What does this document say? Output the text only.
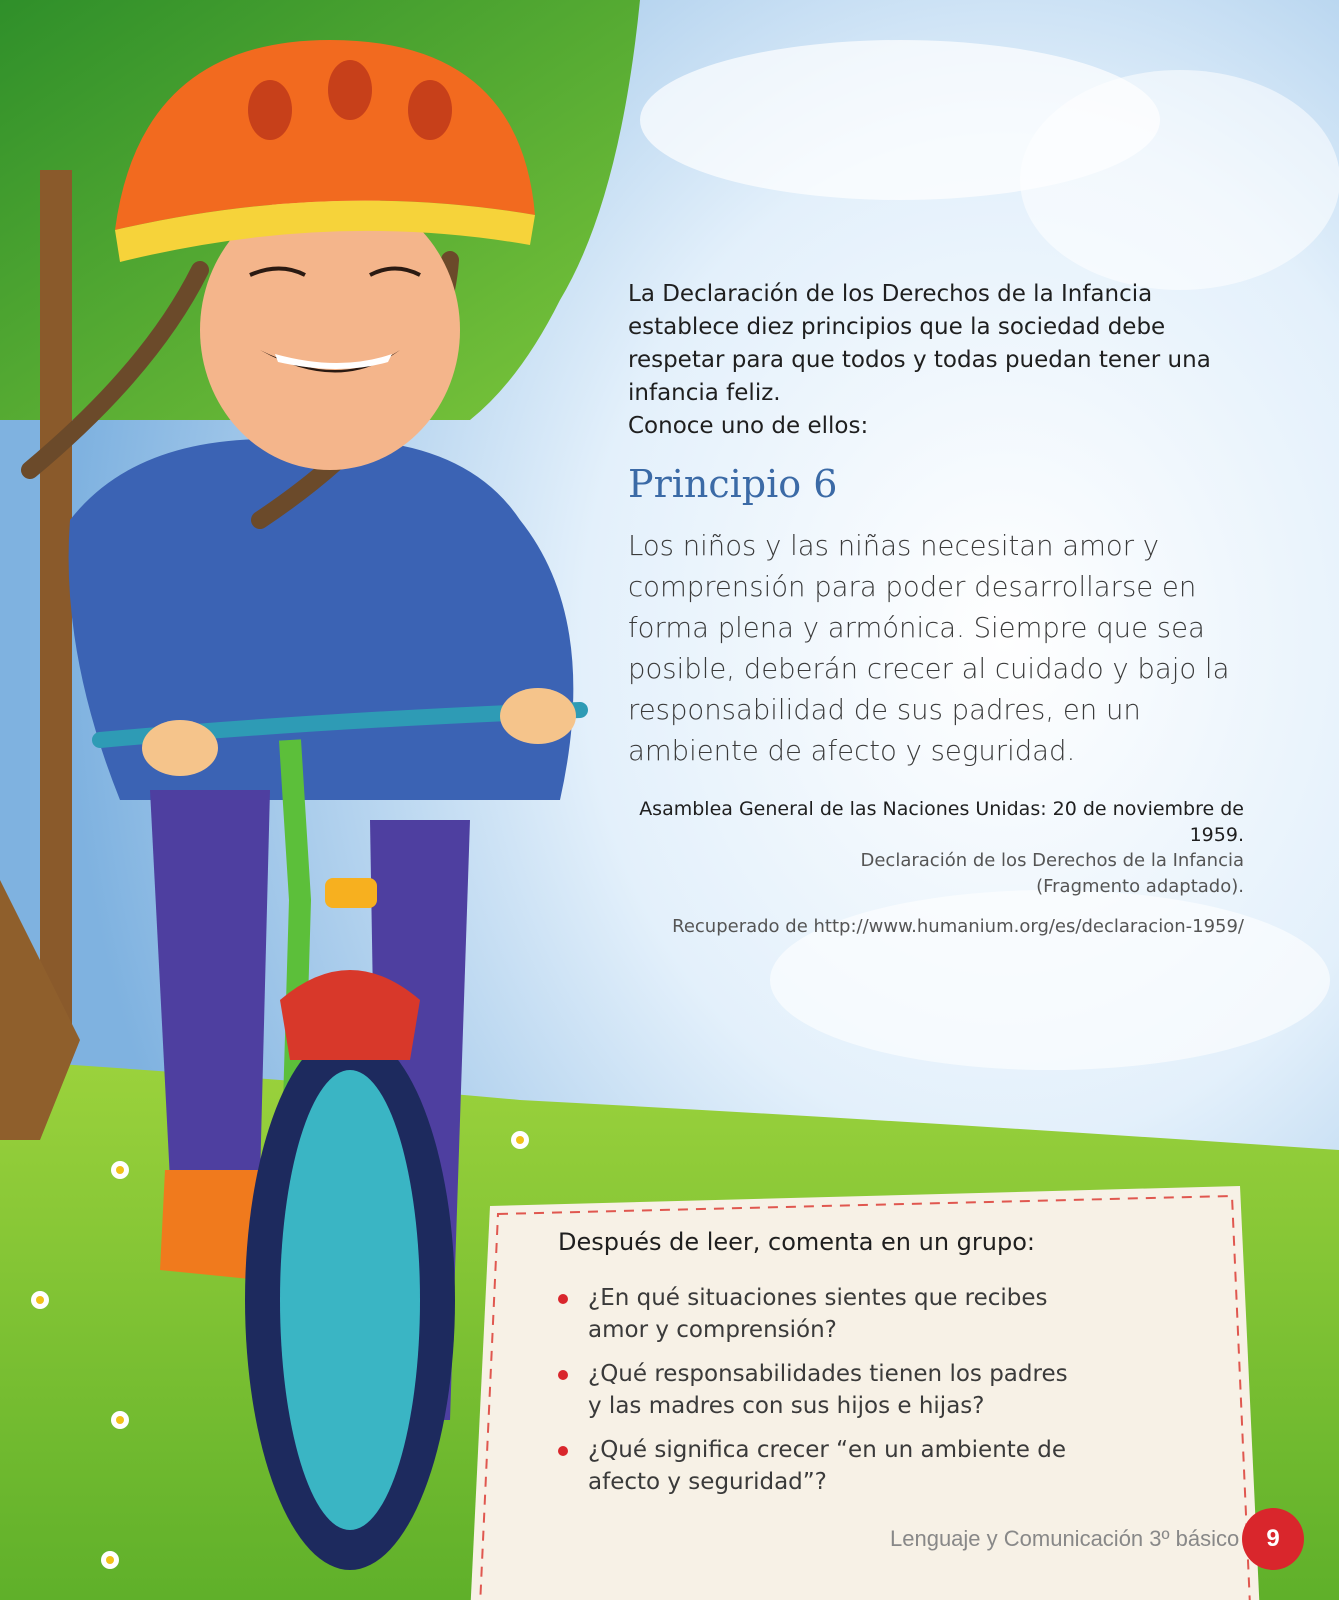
La Declaración de los Derechos de la Infancia establece diez principios que la sociedad debe respetar para que todos y todas puedan tener una infancia feliz.

Conoce uno de ellos:

Principio 6
Los niños y las niñas necesitan amor y comprensión para poder desarrollarse en forma plena y armónica. Siempre que sea posible, deberán crecer al cuidado y bajo la responsabilidad de sus padres, en un ambiente de afecto y seguridad.
Asamblea General de las Naciones Unidas: 20 de noviembre de 1959.
Declaración de los Derechos de la Infancia
(Fragmento adaptado).
Recuperado de http://www.humanium.org/es/declaracion-1959/
Después de leer, comenta en un grupo:
¿En qué situaciones sientes que recibes amor y comprensión?
¿Qué responsabilidades tienen los padres y las madres con sus hijos e hijas?
¿Qué significa crecer “en un ambiente de afecto y seguridad”?
Lenguaje y Comunicación 3º básico	9
